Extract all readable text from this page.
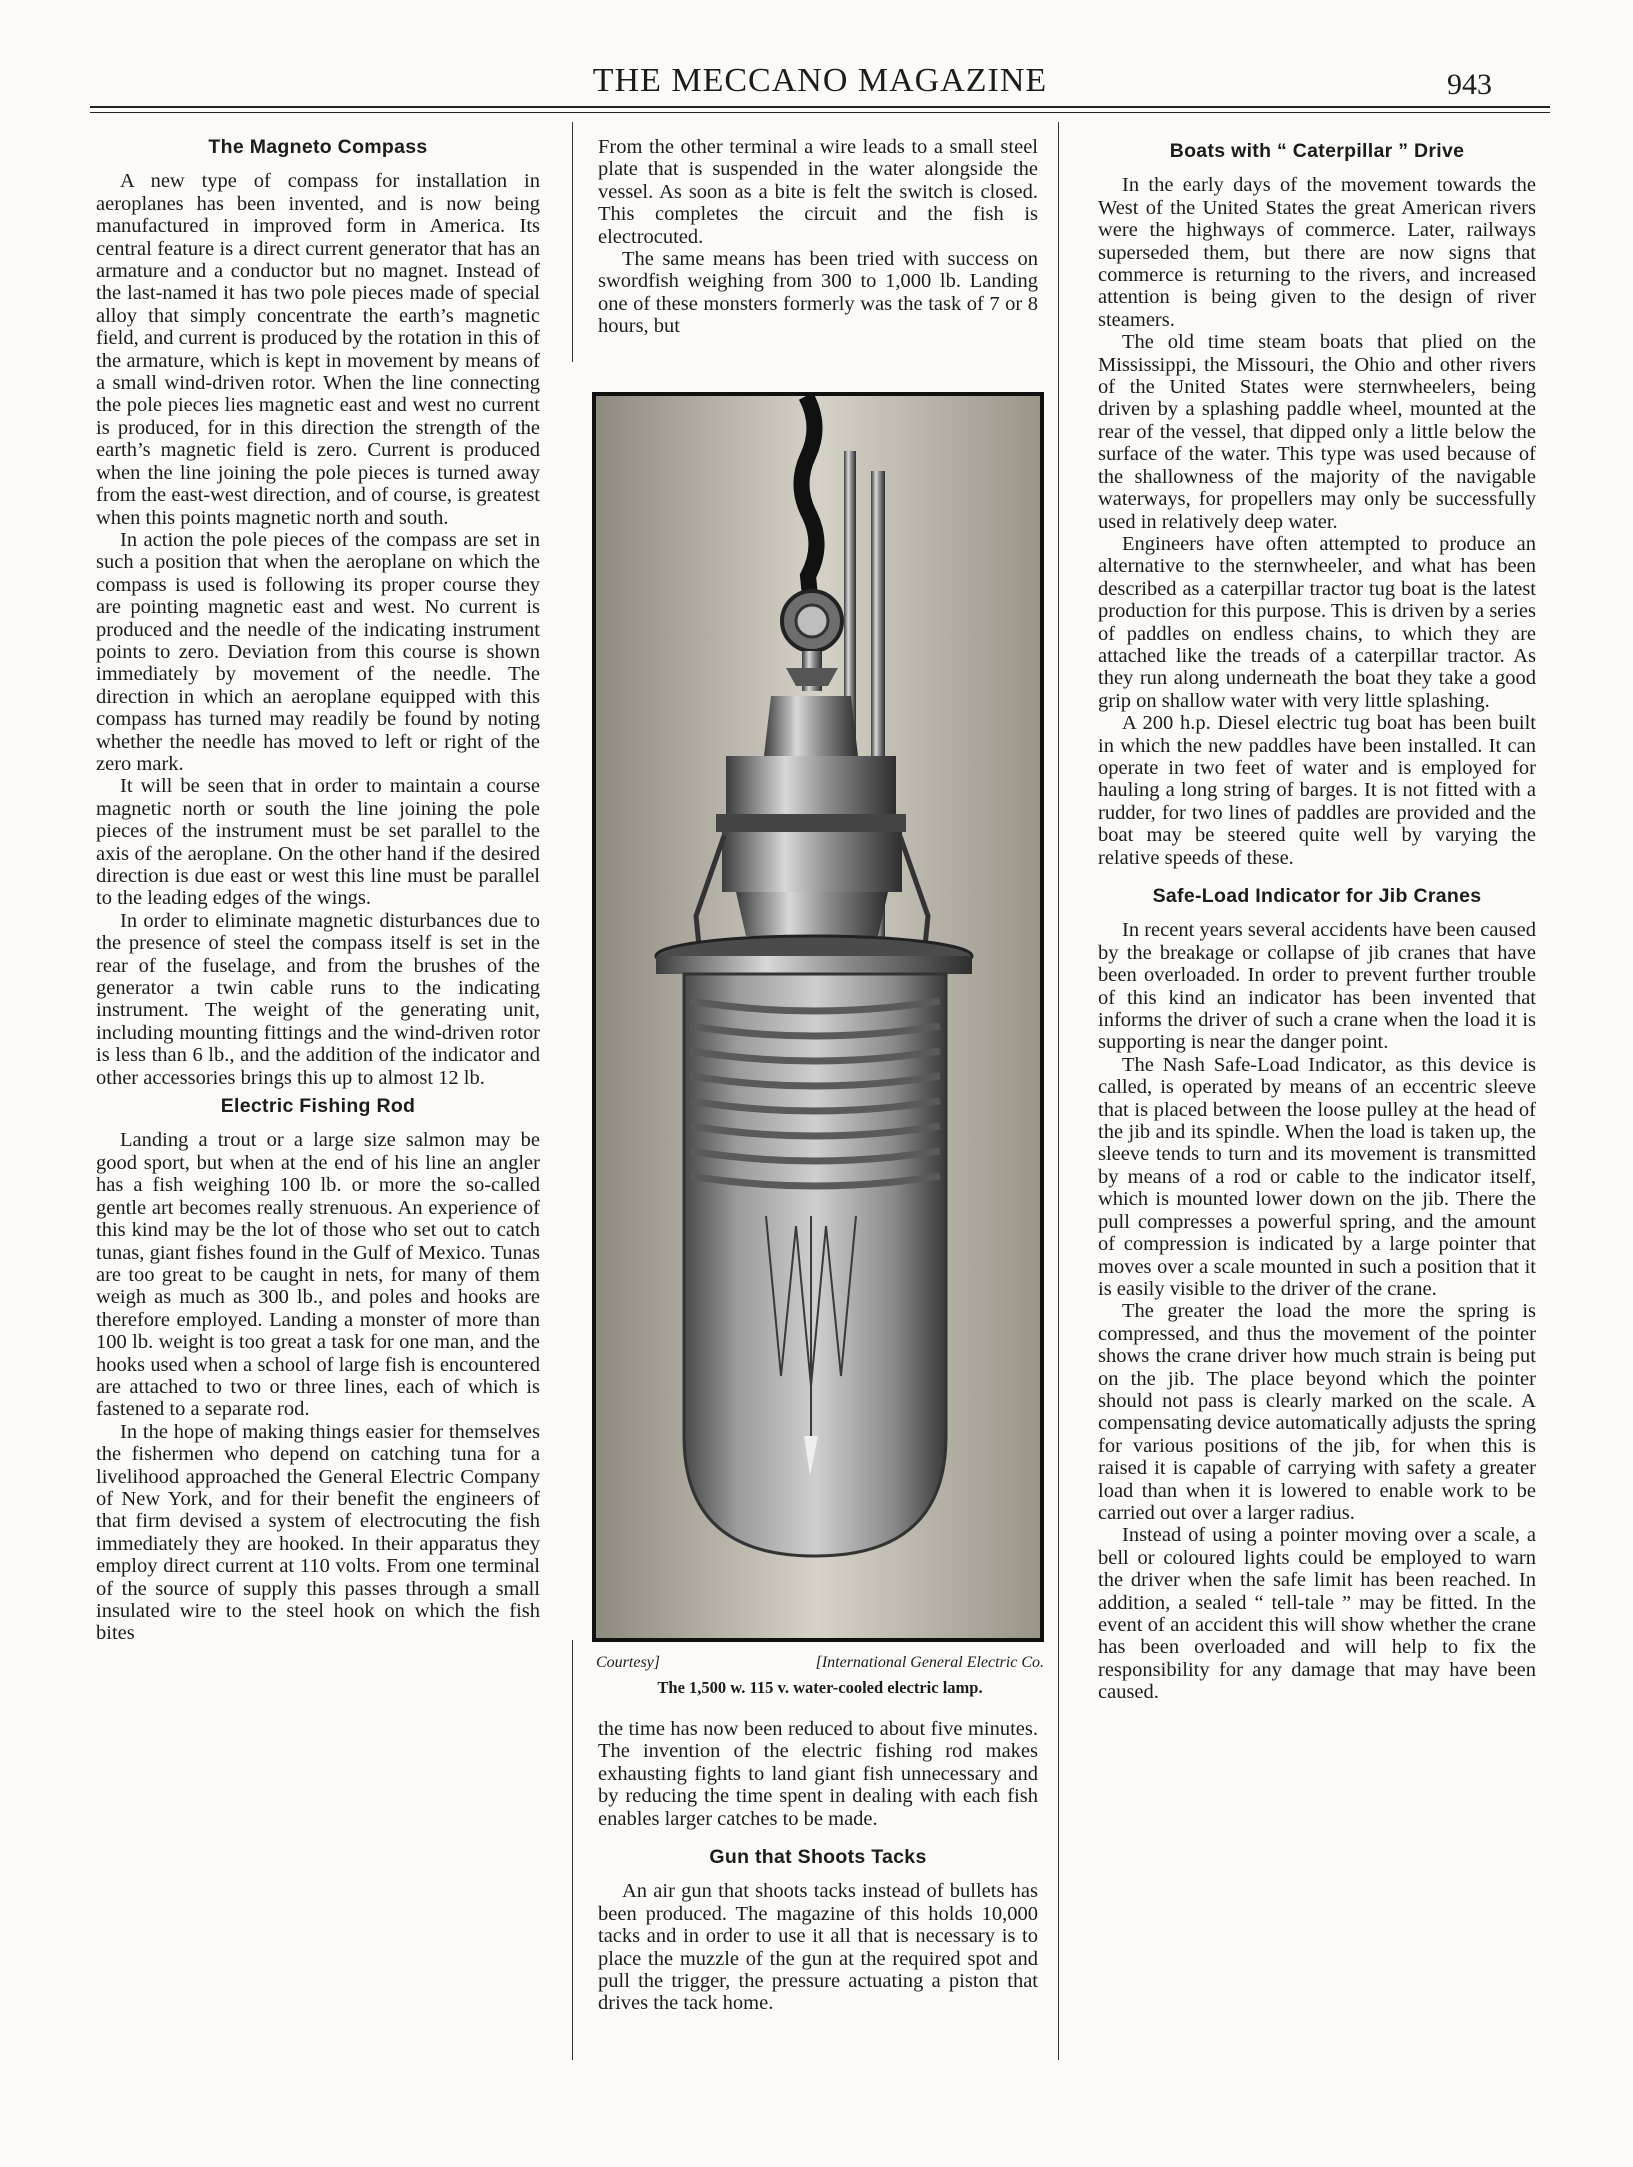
THE MECCANO MAGAZINE	943
The Magneto Compass

A new type of compass for installation in aeroplanes has been invented, and is now being manufactured in improved form in America. Its central feature is a direct current generator that has an armature and a conductor but no magnet. Instead of the last-named it has two pole pieces made of special alloy that simply concentrate the earth’s magnetic field, and current is produced by the rotation in this of the armature, which is kept in movement by means of a small wind-driven rotor. When the line connecting the pole pieces lies magnetic east and west no current is produced, for in this direction the strength of the earth’s magnetic field is zero. Current is produced when the line joining the pole pieces is turned away from the east-west direction, and of course, is greatest when this points magnetic north and south.

In action the pole pieces of the compass are set in such a position that when the aeroplane on which the compass is used is following its proper course they are pointing magnetic east and west. No current is produced and the needle of the indicating instrument points to zero. Deviation from this course is shown immediately by movement of the needle. The direction in which an aeroplane equipped with this compass has turned may readily be found by noting whether the needle has moved to left or right of the zero mark.

It will be seen that in order to maintain a course magnetic north or south the line joining the pole pieces of the instrument must be set parallel to the axis of the aeroplane. On the other hand if the desired direction is due east or west this line must be parallel to the leading edges of the wings.

In order to eliminate magnetic disturbances due to the presence of steel the compass itself is set in the rear of the fuselage, and from the brushes of the generator a twin cable runs to the indicating instrument. The weight of the generating unit, including mounting fittings and the wind-driven rotor is less than 6 lb., and the addition of the indicator and other accessories brings this up to almost 12 lb.

Electric Fishing Rod

Landing a trout or a large size salmon may be good sport, but when at the end of his line an angler has a fish weighing 100 lb. or more the so-called gentle art becomes really strenuous. An experience of this kind may be the lot of those who set out to catch tunas, giant fishes found in the Gulf of Mexico. Tunas are too great to be caught in nets, for many of them weigh as much as 300 lb., and poles and hooks are therefore employed. Landing a monster of more than 100 lb. weight is too great a task for one man, and the hooks used when a school of large fish is encountered are attached to two or three lines, each of which is fastened to a separate rod.

In the hope of making things easier for themselves the fishermen who depend on catching tuna for a livelihood approached the General Electric Company of New York, and for their benefit the engineers of that firm devised a system of electrocuting the fish immediately they are hooked. In their apparatus they employ direct current at 110 volts. From one terminal of the source of supply this passes through a small insulated wire to the steel hook on which the fish bites

From the other terminal a wire leads to a small steel plate that is suspended in the water alongside the vessel. As soon as a bite is felt the switch is closed. This completes the circuit and the fish is electrocuted.

The same means has been tried with success on swordfish weighing from 300 to 1,000 lb. Landing one of these monsters formerly was the task of 7 or 8 hours, but

Courtesy]	[International General Electric Co.
The 1,500 w. 115 v. water-cooled electric lamp.

the time has now been reduced to about five minutes. The invention of the electric fishing rod makes exhausting fights to land giant fish unnecessary and by reducing the time spent in dealing with each fish enables larger catches to be made.

Gun that Shoots Tacks

An air gun that shoots tacks instead of bullets has been produced. The magazine of this holds 10,000 tacks and in order to use it all that is necessary is to place the muzzle of the gun at the required spot and pull the trigger, the pressure actuating a piston that drives the tack home.

Boats with “ Caterpillar ” Drive

In the early days of the movement towards the West of the United States the great American rivers were the highways of commerce. Later, railways superseded them, but there are now signs that commerce is returning to the rivers, and increased attention is being given to the design of river steamers.

The old time steam boats that plied on the Mississippi, the Missouri, the Ohio and other rivers of the United States were sternwheelers, being driven by a splashing paddle wheel, mounted at the rear of the vessel, that dipped only a little below the surface of the water. This type was used because of the shallowness of the majority of the navigable waterways, for propellers may only be successfully used in relatively deep water.

Engineers have often attempted to produce an alternative to the sternwheeler, and what has been described as a caterpillar tractor tug boat is the latest production for this purpose. This is driven by a series of paddles on endless chains, to which they are attached like the treads of a caterpillar tractor. As they run along underneath the boat they take a good grip on shallow water with very little splashing.

A 200 h.p. Diesel electric tug boat has been built in which the new paddles have been installed. It can operate in two feet of water and is employed for hauling a long string of barges. It is not fitted with a rudder, for two lines of paddles are provided and the boat may be steered quite well by varying the relative speeds of these.

Safe-Load Indicator for Jib Cranes

In recent years several accidents have been caused by the breakage or collapse of jib cranes that have been overloaded. In order to prevent further trouble of this kind an indicator has been invented that informs the driver of such a crane when the load it is supporting is near the danger point.

The Nash Safe-Load Indicator, as this device is called, is operated by means of an eccentric sleeve that is placed between the loose pulley at the head of the jib and its spindle. When the load is taken up, the sleeve tends to turn and its movement is transmitted by means of a rod or cable to the indicator itself, which is mounted lower down on the jib. There the pull compresses a powerful spring, and the amount of compression is indicated by a large pointer that moves over a scale mounted in such a position that it is easily visible to the driver of the crane.

The greater the load the more the spring is compressed, and thus the movement of the pointer shows the crane driver how much strain is being put on the jib. The place beyond which the pointer should not pass is clearly marked on the scale. A compensating device automatically adjusts the spring for various positions of the jib, for when this is raised it is capable of carrying with safety a greater load than when it is lowered to enable work to be carried out over a larger radius.

Instead of using a pointer moving over a scale, a bell or coloured lights could be employed to warn the driver when the safe limit has been reached. In addition, a sealed “ tell-tale ” may be fitted. In the event of an accident this will show whether the crane has been overloaded and will help to fix the responsibility for any damage that may have been caused.
